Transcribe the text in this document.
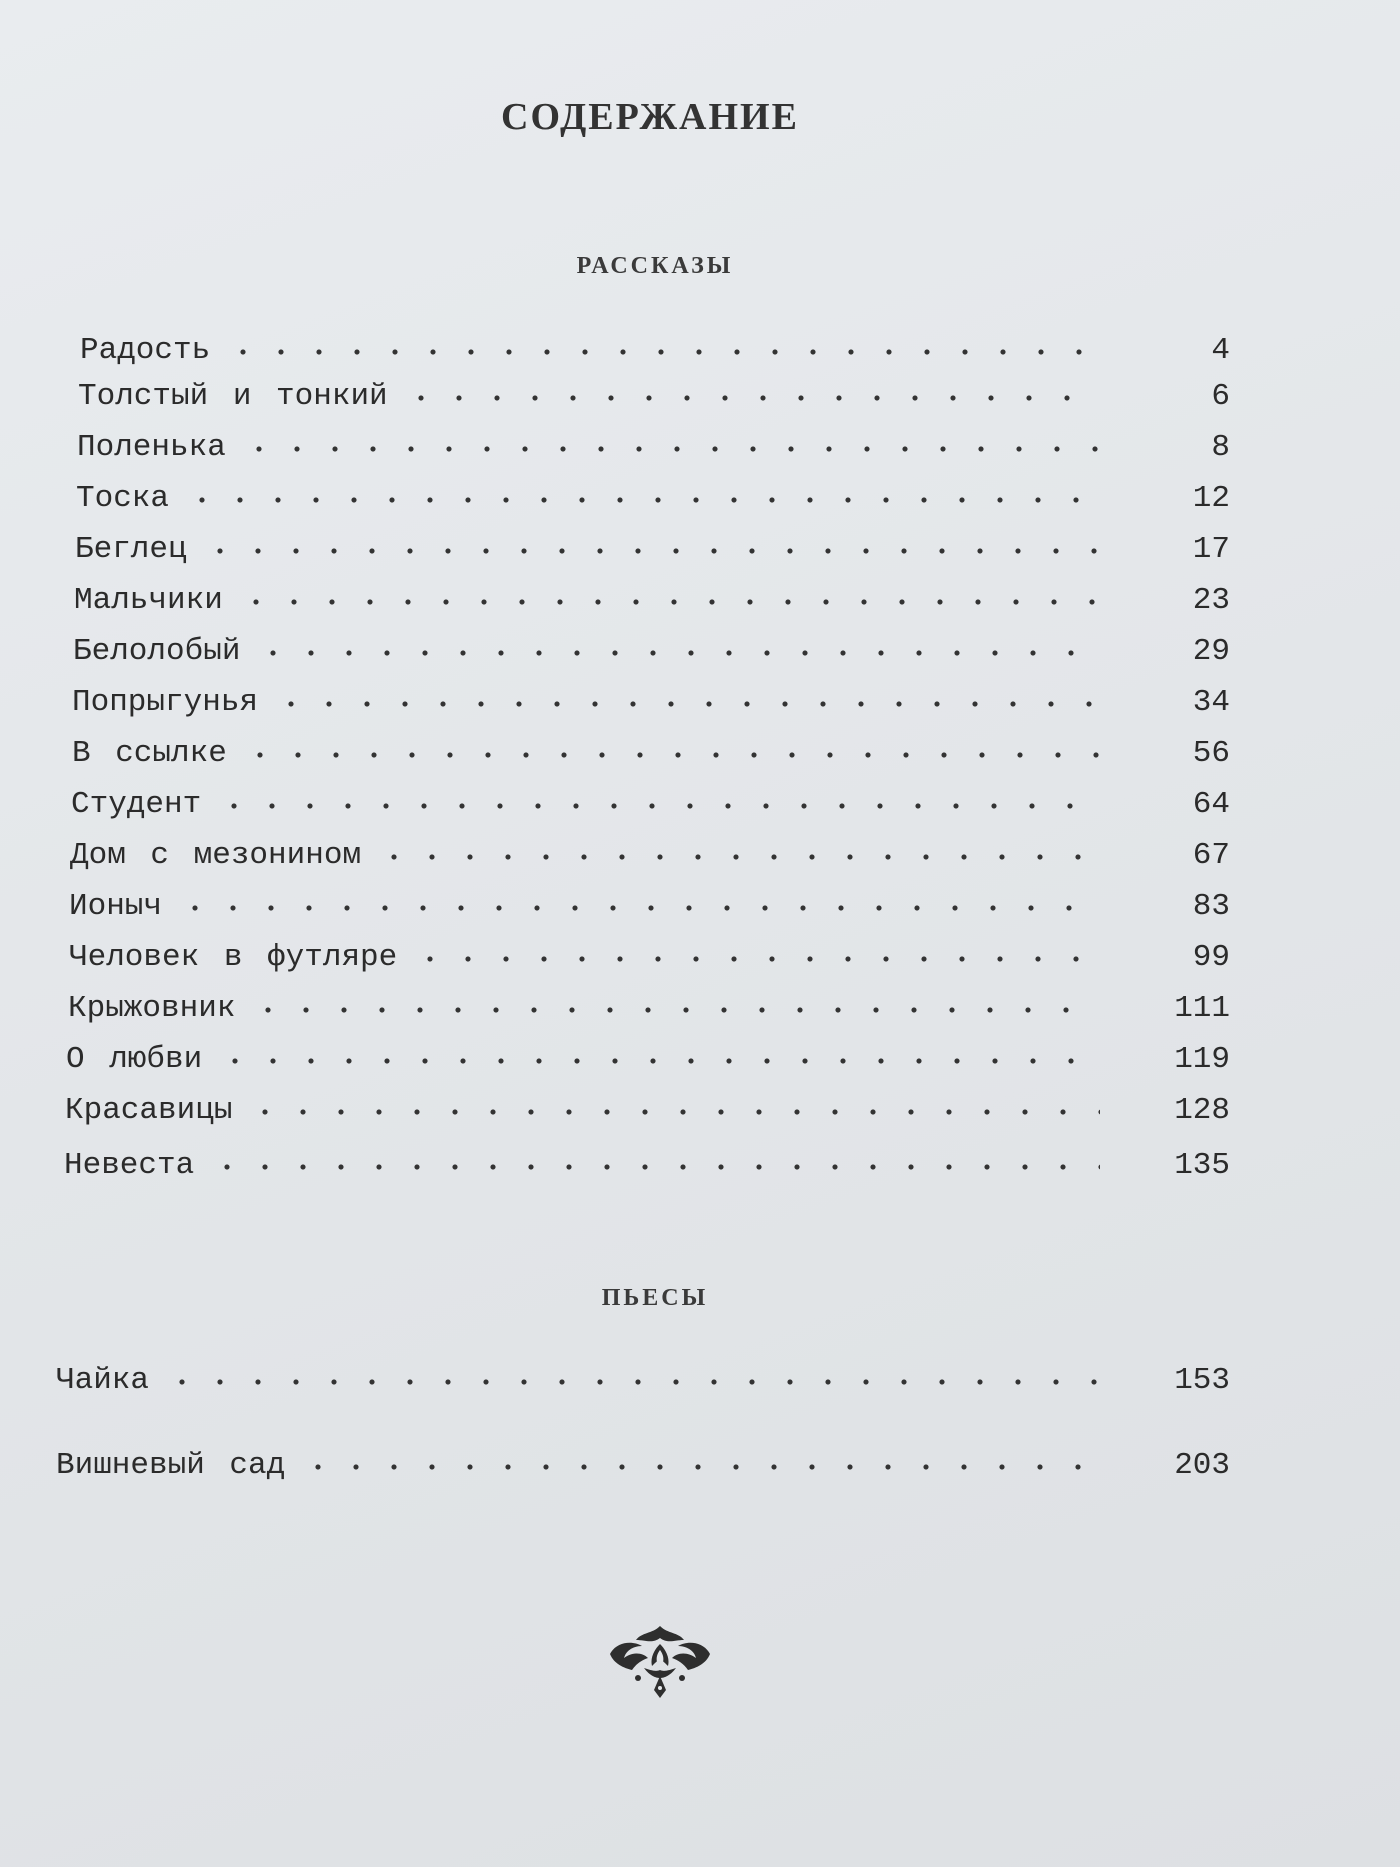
СОДЕРЖАНИЕ
РАССКАЗЫ
Радость	4
Толстый и тонкий	6
Поленька	8
Тоска	12
Беглец	17
Мальчики	23
Белолобый	29
Попрыгунья	34
В ссылке	56
Студент	64
Дом с мезонином	67
Ионыч	83
Человек в футляре	99
Крыжовник	111
О любви	119
Красавицы	128
Невеста	135
ПЬЕСЫ
Чайка	153
Вишневый сад	203
